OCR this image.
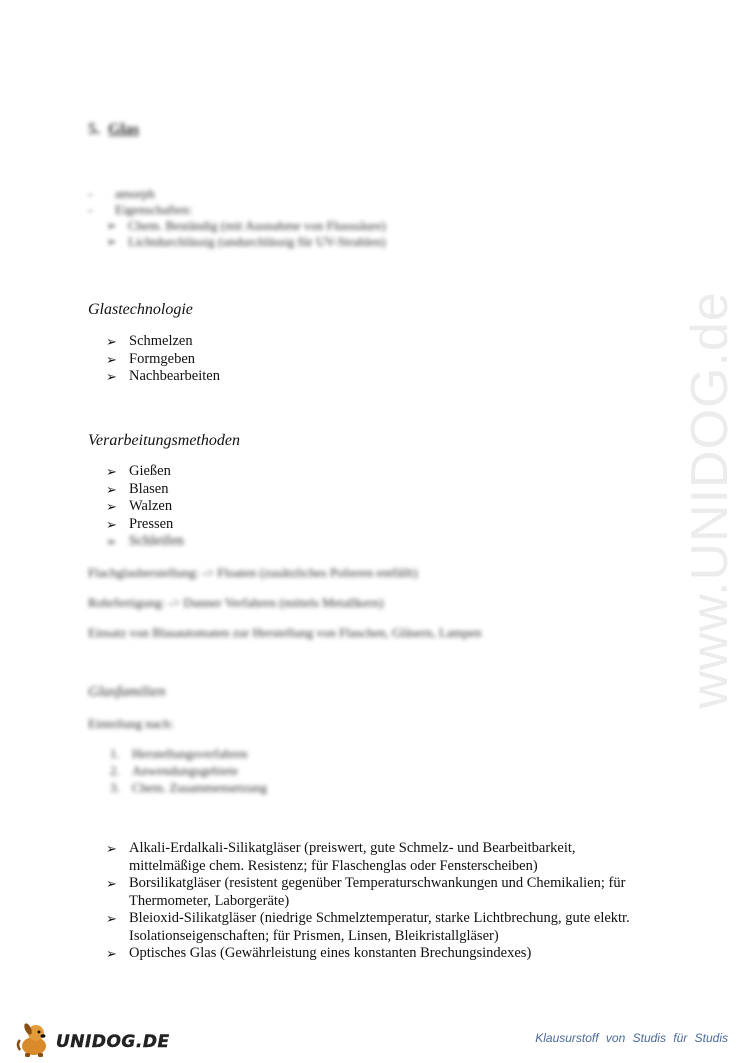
www.UNIDOG.de
5. Glas
- amorph
- Eigenschaften:
➢ Chem. Beständig (mit Ausnahme von Flusssäure)
➢ Lichtdurchlässig (undurchlässig für UV-Strahlen)
Glastechnologie
➢ Schmelzen
➢ Formgeben
➢ Nachbearbeiten
Verarbeitungsmethoden
➢ Gießen
➢ Blasen
➢ Walzen
➢ Pressen
➢ Schleifen
Flachglasherstellung: -> Floaten (zusätzliches Polieren entfällt)
Rohrfertigung: -> Danner Verfahren (mittels Metallkern)
Einsatz von Blasautomaten zur Herstellung von Flaschen, Gläsern, Lampen
Glasfamilien
Einteilung nach:
1. Herstellungsverfahren
2. Anwendungsgebiete
3. Chem. Zusammensetzung
➢ Alkali-Erdalkali-Silikatgläser (preiswert, gute Schmelz- und Bearbeitbarkeit, mittelmäßige chem. Resistenz; für Flaschenglas oder Fensterscheiben)
➢ Borsilikatgläser (resistent gegenüber Temperaturschwankungen und Chemikalien; für Thermometer, Laborgeräte)
➢ Bleioxid-Silikatgläser (niedrige Schmelztemperatur, starke Lichtbrechung, gute elektr. Isolationseigenschaften; für Prismen, Linsen, Bleikristallgläser)
➢ Optisches Glas (Gewährleistung eines konstanten Brechungsindexes)
UNIDOG.DE	Klausurstoff von Studis für Studis
